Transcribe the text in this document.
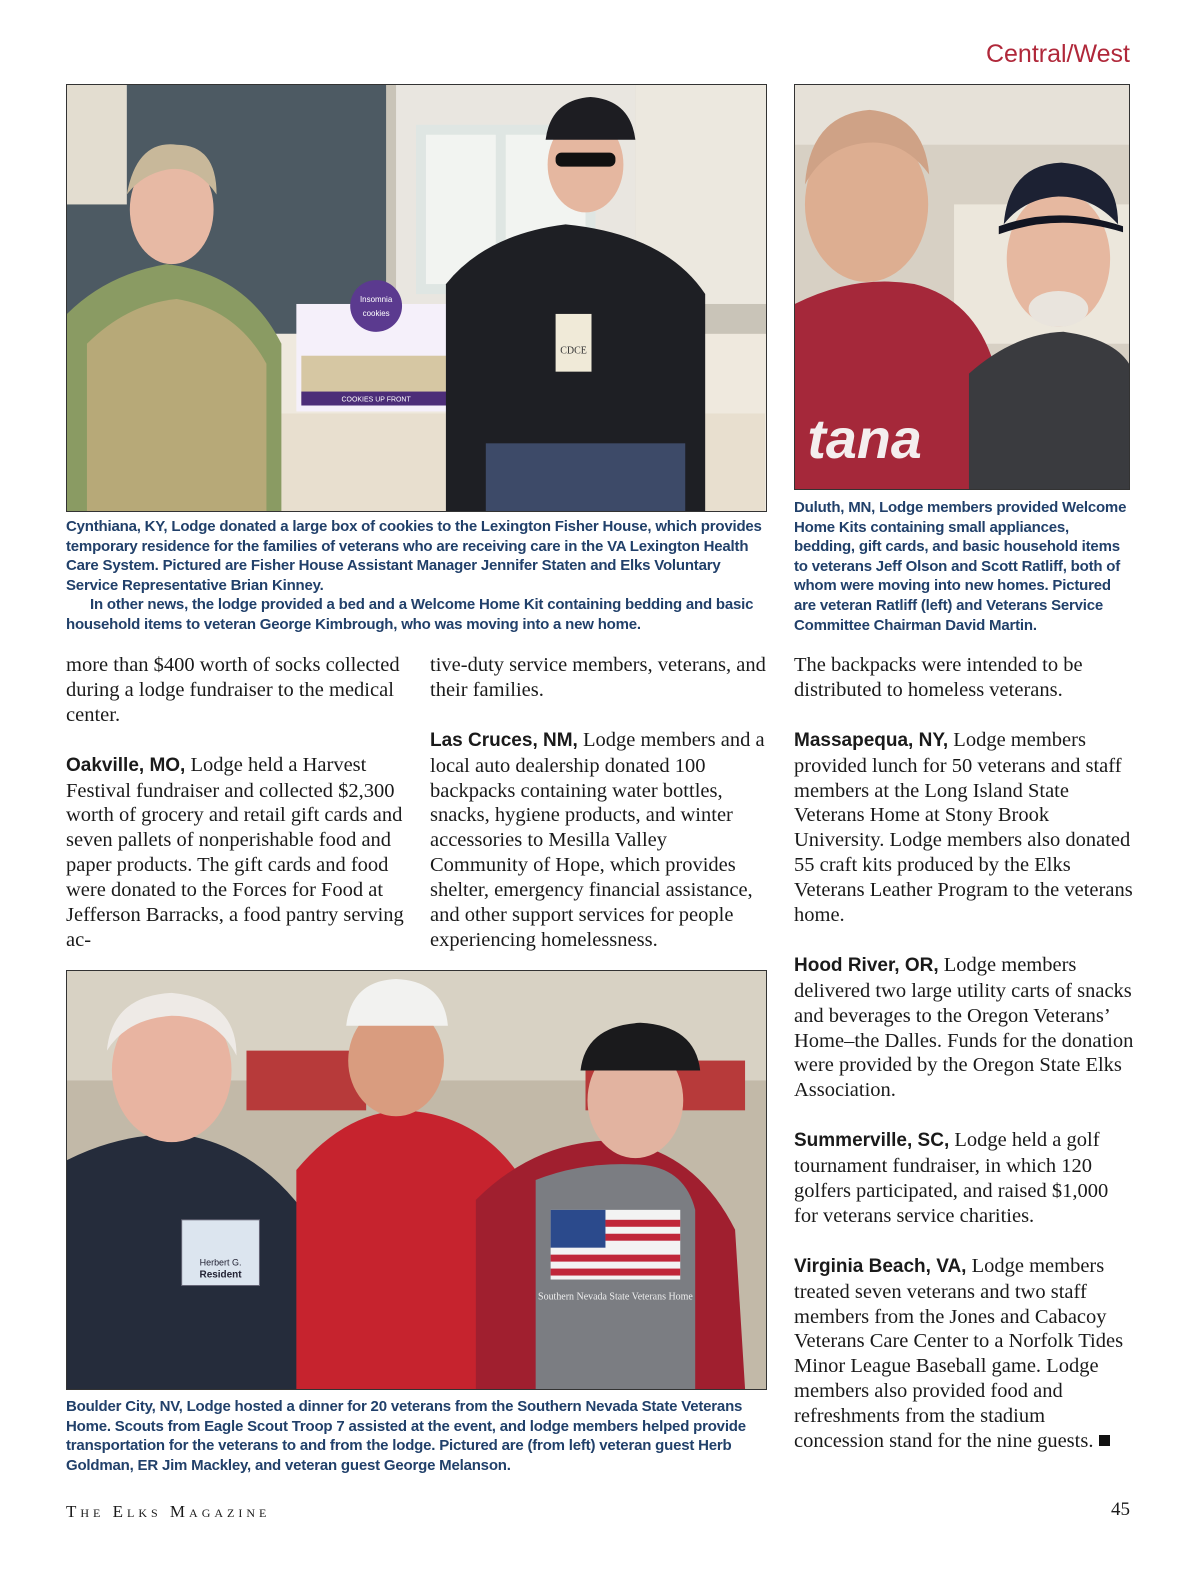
Central/West
Insomnia
cookies
COOKIES UP FRONT
CDCE
tana

Cynthiana, KY, Lodge donated a large box of cookies to the Lexington Fisher House, which provides temporary residence for the families of veterans who are receiving care in the VA Lexington Health Care System. Pictured are Fisher House Assistant Manager Jennifer Staten and Elks Voluntary Service Representative Brian Kinney.

In other news, the lodge provided a bed and a Welcome Home Kit containing bedding and basic household items to veteran George Kimbrough, who was moving into a new home.

Duluth, MN, Lodge members provided Welcome Home Kits containing small appliances, bedding, gift cards, and basic household items to veterans Jeff Olson and Scott Ratliff, both of whom were moving into new homes. Pictured are veteran Ratliff (left) and Veterans Service Committee Chairman David Martin.

more than $400 worth of socks collected during a lodge fundraiser to the medical center.

Oakville, MO, Lodge held a Harvest Festival fundraiser and collected $2,300 worth of grocery and retail gift cards and seven pallets of nonperishable food and paper products. The gift cards and food were donated to the Forces for Food at Jefferson Barracks, a food pantry serving ac-

tive-duty service members, veterans, and their families.

Las Cruces, NM, Lodge members and a local auto dealership donated 100 backpacks containing water bottles, snacks, hygiene products, and winter accessories to Mesilla Valley Community of Hope, which provides shelter, emergency financial assistance, and other support services for people experiencing homelessness.

The backpacks were intended to be distributed to homeless veterans.

Massapequa, NY, Lodge members provided lunch for 50 veterans and staff members at the Long Island State Veterans Home at Stony Brook University. Lodge members also donated 55 craft kits produced by the Elks Veterans Leather Program to the veterans home.

Hood River, OR, Lodge members delivered two large utility carts of snacks and beverages to the Oregon Veterans’ Home–the Dalles. Funds for the donation were provided by the Oregon State Elks Association.

Summerville, SC, Lodge held a golf tournament fundraiser, in which 120 golfers participated, and raised $1,000 for veterans service charities.

Virginia Beach, VA, Lodge members treated seven veterans and two staff members from the Jones and Cabacoy Veterans Care Center to a Norfolk Tides Minor League Baseball game. Lodge members also provided food and refreshments from the stadium concession stand for the nine guests.

Herbert G.
Resident
Southern Nevada State Veterans Home

Boulder City, NV, Lodge hosted a dinner for 20 veterans from the Southern Nevada State Veterans Home. Scouts from Eagle Scout Troop 7 assisted at the event, and lodge members helped provide transportation for the veterans to and from the lodge. Pictured are (from left) veteran guest Herb Goldman, ER Jim Mackley, and veteran guest George Melanson.

The Elks Magazine	45
